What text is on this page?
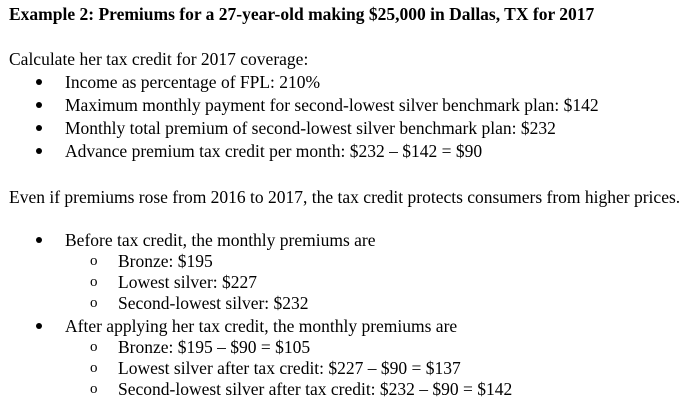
Example 2: Premiums for a 27-year-old making $25,000 in Dallas, TX for 2017
Calculate her tax credit for 2017 coverage:
Income as percentage of FPL: 210%
Maximum monthly payment for second-lowest silver benchmark plan: $142
Monthly total premium of second-lowest silver benchmark plan: $232
Advance premium tax credit per month: $232 – $142 = $90
Even if premiums rose from 2016 to 2017, the tax credit protects consumers from higher prices.
Before tax credit, the monthly premiums are
o Bronze: $195
o Lowest silver: $227
o Second-lowest silver: $232
After applying her tax credit, the monthly premiums are
o Bronze: $195 – $90 = $105
o Lowest silver after tax credit: $227 – $90 = $137
o Second-lowest silver after tax credit: $232 – $90 = $142
